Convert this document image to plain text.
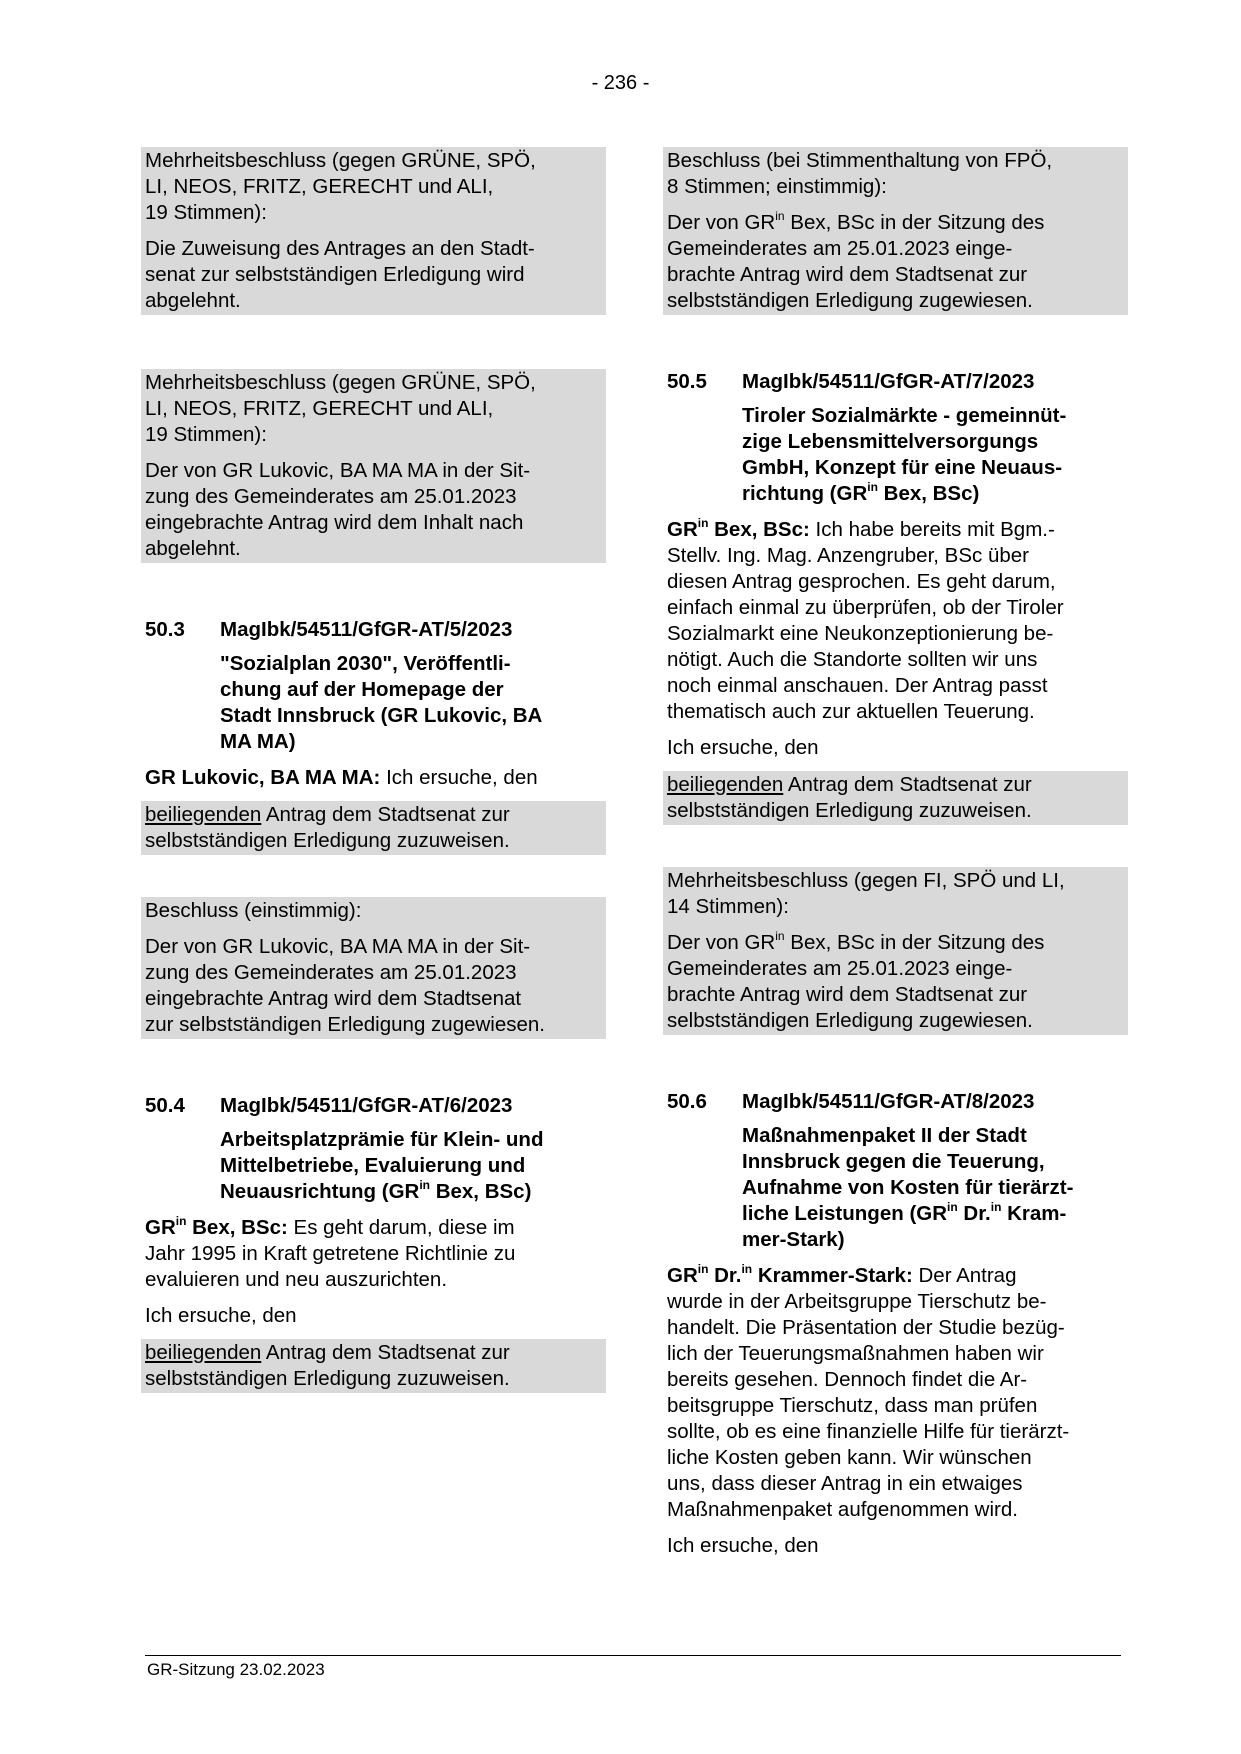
- 236 -

Mehrheitsbeschluss (gegen GRÜNE, SPÖ,
LI, NEOS, FRITZ, GERECHT und ALI,
19 Stimmen):

Die Zuweisung des Antrages an den Stadt-
senat zur selbstständigen Erledigung wird
abgelehnt.

Mehrheitsbeschluss (gegen GRÜNE, SPÖ,
LI, NEOS, FRITZ, GERECHT und ALI,
19 Stimmen):

Der von GR Lukovic, BA MA MA in der Sit-
zung des Gemeinderates am 25.01.2023
eingebrachte Antrag wird dem Inhalt nach
abgelehnt.

50.3	MagIbk/54511/GfGR-AT/5/2023

"Sozialplan 2030", Veröffentli-
chung auf der Homepage der
Stadt Innsbruck (GR Lukovic, BA
MA MA)

GR Lukovic, BA MA MA: Ich ersuche, den

beiliegenden Antrag dem Stadtsenat zur
selbstständigen Erledigung zuzuweisen.

Beschluss (einstimmig):

Der von GR Lukovic, BA MA MA in der Sit-
zung des Gemeinderates am 25.01.2023
eingebrachte Antrag wird dem Stadtsenat
zur selbstständigen Erledigung zugewiesen.

50.4	MagIbk/54511/GfGR-AT/6/2023

Arbeitsplatzprämie für Klein- und
Mittelbetriebe, Evaluierung und
Neuausrichtung ($GR^{in}$ Bex, BSc)

$GR^{in}$ Bex, BSc: Es geht darum, diese im
Jahr 1995 in Kraft getretene Richtlinie zu
evaluieren und neu auszurichten.

Ich ersuche, den

beiliegenden Antrag dem Stadtsenat zur
selbstständigen Erledigung zuzuweisen.

Beschluss (bei Stimmenthaltung von FPÖ,
8 Stimmen; einstimmig):

Der von $GR^{in}$ Bex, BSc in der Sitzung des
Gemeinderates am 25.01.2023 einge-
brachte Antrag wird dem Stadtsenat zur
selbstständigen Erledigung zugewiesen.

50.5	MagIbk/54511/GfGR-AT/7/2023

Tiroler Sozialmärkte - gemeinnüt-
zige Lebensmittelversorgungs
GmbH, Konzept für eine Neuaus-
richtung ($GR^{in}$ Bex, BSc)

$GR^{in}$ Bex, BSc: Ich habe bereits mit Bgm.-
Stellv. Ing. Mag. Anzengruber, BSc über
diesen Antrag gesprochen. Es geht darum,
einfach einmal zu überprüfen, ob der Tiroler
Sozialmarkt eine Neukonzeptionierung be-
nötigt. Auch die Standorte sollten wir uns
noch einmal anschauen. Der Antrag passt
thematisch auch zur aktuellen Teuerung.

Ich ersuche, den

beiliegenden Antrag dem Stadtsenat zur
selbstständigen Erledigung zuzuweisen.

Mehrheitsbeschluss (gegen FI, SPÖ und LI,
14 Stimmen):

Der von $GR^{in}$ Bex, BSc in der Sitzung des
Gemeinderates am 25.01.2023 einge-
brachte Antrag wird dem Stadtsenat zur
selbstständigen Erledigung zugewiesen.

50.6	MagIbk/54511/GfGR-AT/8/2023

Maßnahmenpaket II der Stadt
Innsbruck gegen die Teuerung,
Aufnahme von Kosten für tierärzt-
liche Leistungen ($GR^{in}$ Dr.$^{in}$ Kram-
mer-Stark)

$GR^{in}$ Dr.$^{in}$ Krammer-Stark: Der Antrag
wurde in der Arbeitsgruppe Tierschutz be-
handelt. Die Präsentation der Studie bezüg-
lich der Teuerungsmaßnahmen haben wir
bereits gesehen. Dennoch findet die Ar-
beitsgruppe Tierschutz, dass man prüfen
sollte, ob es eine finanzielle Hilfe für tierärzt-
liche Kosten geben kann. Wir wünschen
uns, dass dieser Antrag in ein etwaiges
Maßnahmenpaket aufgenommen wird.

Ich ersuche, den

GR-Sitzung 23.02.2023
